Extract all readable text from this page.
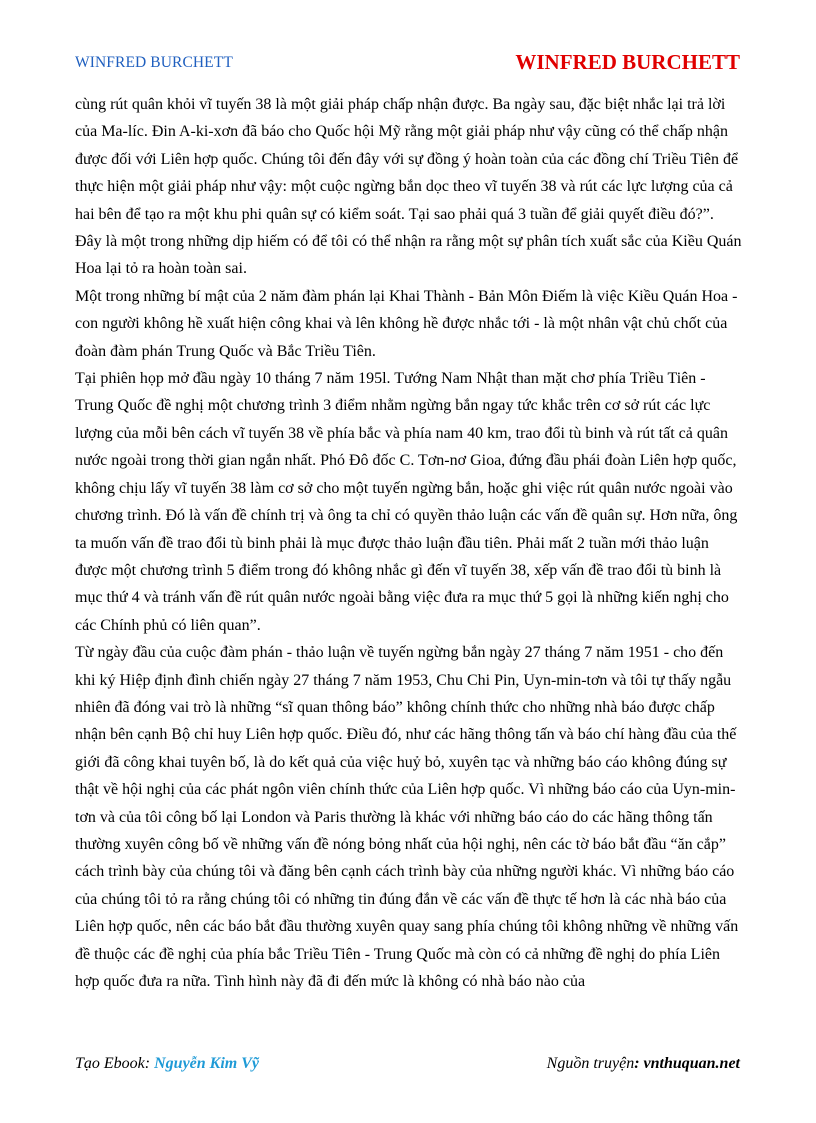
WINFRED BURCHETT	WINFRED BURCHETT

cùng rút quân khỏi vĩ tuyến 38 là một giải pháp chấp nhận được. Ba ngày sau, đặc biệt nhắc lại trả lời của Ma-líc. Đin A-ki-xơn đã báo cho Quốc hội Mỹ rằng một giải pháp như vậy cũng có thể chấp nhận được đối với Liên hợp quốc. Chúng tôi đến đây với sự đồng ý hoàn toàn của các đồng chí Triều Tiên để thực hiện một giải pháp như vậy: một cuộc ngừng bắn dọc theo vĩ tuyến 38 và rút các lực lượng của cả hai bên để tạo ra một khu phi quân sự có kiểm soát. Tại sao phải quá 3 tuần để giải quyết điều đó?”.

Đây là một trong những dịp hiếm có để tôi có thể nhận ra rằng một sự phân tích xuất sắc của Kiều Quán Hoa lại tỏ ra hoàn toàn sai.

Một trong những bí mật của 2 năm đàm phán lại Khai Thành - Bản Môn Điếm là việc Kiều Quán Hoa - con người không hề xuất hiện công khai và lên không hề được nhắc tới - là một nhân vật chủ chốt của đoàn đàm phán Trung Quốc và Bắc Triều Tiên.

Tại phiên họp mở đầu ngày 10 tháng 7 năm 195l. Tướng Nam Nhật than mặt chơ phía Triều Tiên - Trung Quốc đề nghị một chương trình 3 điểm nhằm ngừng bắn ngay tức khắc trên cơ sở rút các lực lượng của mỗi bên cách vĩ tuyến 38 về phía bắc và phía nam 40 km, trao đổi tù binh và rút tất cả quân nước ngoài trong thời gian ngắn nhất. Phó Đô đốc C. Tơn-nơ Gioa, đứng đầu phái đoàn Liên hợp quốc, không chịu lấy vĩ tuyến 38 làm cơ sở cho một tuyến ngừng bắn, hoặc ghi việc rút quân nước ngoài vào chương trình. Đó là vấn đề chính trị và ông ta chỉ có quyền thảo luận các vấn đề quân sự. Hơn nữa, ông ta muốn vấn đề trao đổi tù binh phải là mục được thảo luận đầu tiên. Phải mất 2 tuần mới thảo luận được một chương trình 5 điểm trong đó không nhắc gì đến vĩ tuyến 38, xếp vấn đề trao đổi tù binh là mục thứ 4 và tránh vấn đề rút quân nước ngoài bằng việc đưa ra mục thứ 5 gọi là những kiến nghị cho các Chính phủ có liên quan”.

Từ ngày đầu của cuộc đàm phán - thảo luận về tuyến ngừng bắn ngày 27 tháng 7 năm 1951 - cho đến khi ký Hiệp định đình chiến ngày 27 tháng 7 năm 1953, Chu Chi Pin, Uyn-min-tơn và tôi tự thấy ngẫu nhiên đã đóng vai trò là những “sĩ quan thông báo” không chính thức cho những nhà báo được chấp nhận bên cạnh Bộ chỉ huy Liên hợp quốc. Điều đó, như các hãng thông tấn và báo chí hàng đầu của thế giới đã công khai tuyên bố, là do kết quả của việc huỷ bỏ, xuyên tạc và những báo cáo không đúng sự thật về hội nghị của các phát ngôn viên chính thức của Liên hợp quốc. Vì những báo cáo của Uyn-min-tơn và của tôi công bố lại London và Paris thường là khác với những báo cáo do các hãng thông tấn thường xuyên công bố về những vấn đề nóng bỏng nhất của hội nghị, nên các tờ báo bắt đầu “ăn cắp” cách trình bày của chúng tôi và đăng bên cạnh cách trình bày của những người khác. Vì những báo cáo của chúng tôi tỏ ra rằng chúng tôi có những tin đúng đắn về các vấn đề thực tế hơn là các nhà báo của Liên hợp quốc, nên các báo bắt đầu thường xuyên quay sang phía chúng tôi không những về những vấn đề thuộc các đề nghị của phía bắc Triều Tiên - Trung Quốc mà còn có cả những đề nghị do phía Liên hợp quốc đưa ra nữa. Tình hình này đã đi đến mức là không có nhà báo nào của

Tạo Ebook: Nguyễn Kim Vỹ	Nguồn truyện: vnthuquan.net
